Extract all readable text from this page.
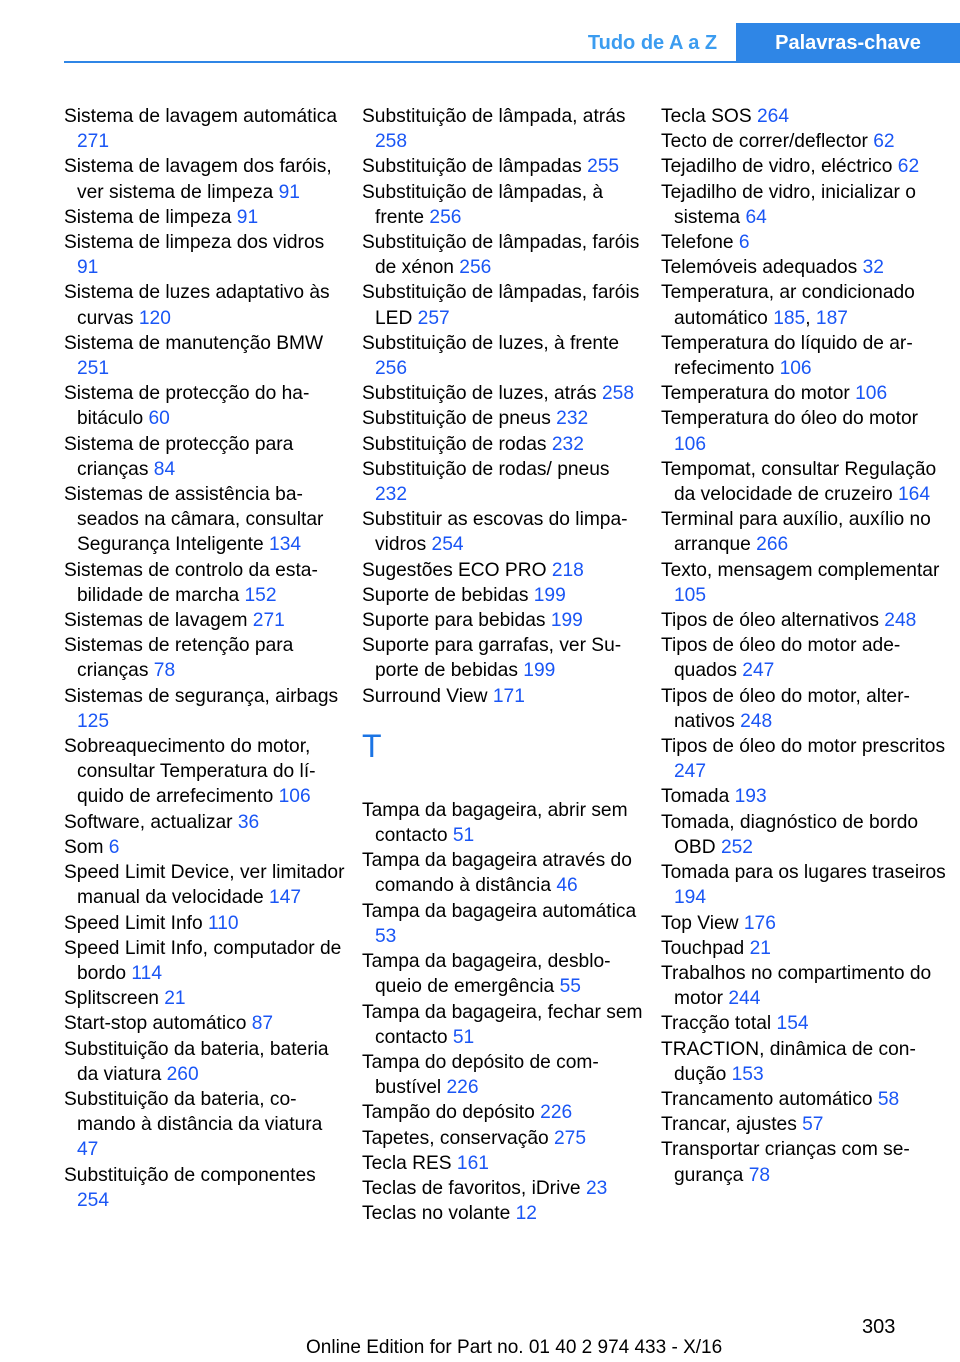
Tudo de A a Z	Palavras-chave
Sistema de lavagem automática 271
Sistema de lavagem dos faróis, ver sistema de limpeza 91
Sistema de limpeza 91
Sistema de limpeza dos vidros 91
Sistema de luzes adaptativo às curvas 120
Sistema de manutenção BMW 251
Sistema de protecção do habitáculo 60
Sistema de protecção para crianças 84
Sistemas de assistência baseados na câmara, consultar Segurança Inteligente 134
Sistemas de controlo da estabilidade de marcha 152
Sistemas de lavagem 271
Sistemas de retenção para crianças 78
Sistemas de segurança, airbags 125
Sobreaquecimento do motor, consultar Temperatura do líquido de arrefecimento 106
Software, actualizar 36
Som 6
Speed Limit Device, ver limitador manual da velocidade 147
Speed Limit Info 110
Speed Limit Info, computador de bordo 114
Splitscreen 21
Start-stop automático 87
Substituição da bateria, bateria da viatura 260
Substituição da bateria, comando à distância da viatura 47
Substituição de componentes 254
Substituição de lâmpada, atrás 258
Substituição de lâmpadas 255
Substituição de lâmpadas, à frente 256
Substituição de lâmpadas, faróis de xénon 256
Substituição de lâmpadas, faróis LED 257
Substituição de luzes, à frente 256
Substituição de luzes, atrás 258
Substituição de pneus 232
Substituição de rodas 232
Substituição de rodas/ pneus 232
Substituir as escovas do limpa-vidros 254
Sugestões ECO PRO 218
Suporte de bebidas 199
Suporte para bebidas 199
Suporte para garrafas, ver Suporte de bebidas 199
Surround View 171
T
Tampa da bagageira, abrir sem contacto 51
Tampa da bagageira através do comando à distância 46
Tampa da bagageira automática 53
Tampa da bagageira, desbloqueio de emergência 55
Tampa da bagageira, fechar sem contacto 51
Tampa do depósito de combustível 226
Tampão do depósito 226
Tapetes, conservação 275
Tecla RES 161
Teclas de favoritos, iDrive 23
Teclas no volante 12
Tecla SOS 264
Tecto de correr/deflector 62
Tejadilho de vidro, eléctrico 62
Tejadilho de vidro, inicializar o sistema 64
Telefone 6
Telemóveis adequados 32
Temperatura, ar condicionado automático 185, 187
Temperatura do líquido de arrefecimento 106
Temperatura do motor 106
Temperatura do óleo do motor 106
Tempomat, consultar Regulação da velocidade de cruzeiro 164
Terminal para auxílio, auxílio no arranque 266
Texto, mensagem complementar 105
Tipos de óleo alternativos 248
Tipos de óleo do motor adequados 247
Tipos de óleo do motor, alternativos 248
Tipos de óleo do motor prescritos 247
Tomada 193
Tomada, diagnóstico de bordo OBD 252
Tomada para os lugares traseiros 194
Top View 176
Touchpad 21
Trabalhos no compartimento do motor 244
Tracção total 154
TRACTION, dinâmica de condução 153
Trancamento automático 58
Trancar, ajustes 57
Transportar crianças com segurança 78
303
Online Edition for Part no. 01 40 2 974 433 - X/16
